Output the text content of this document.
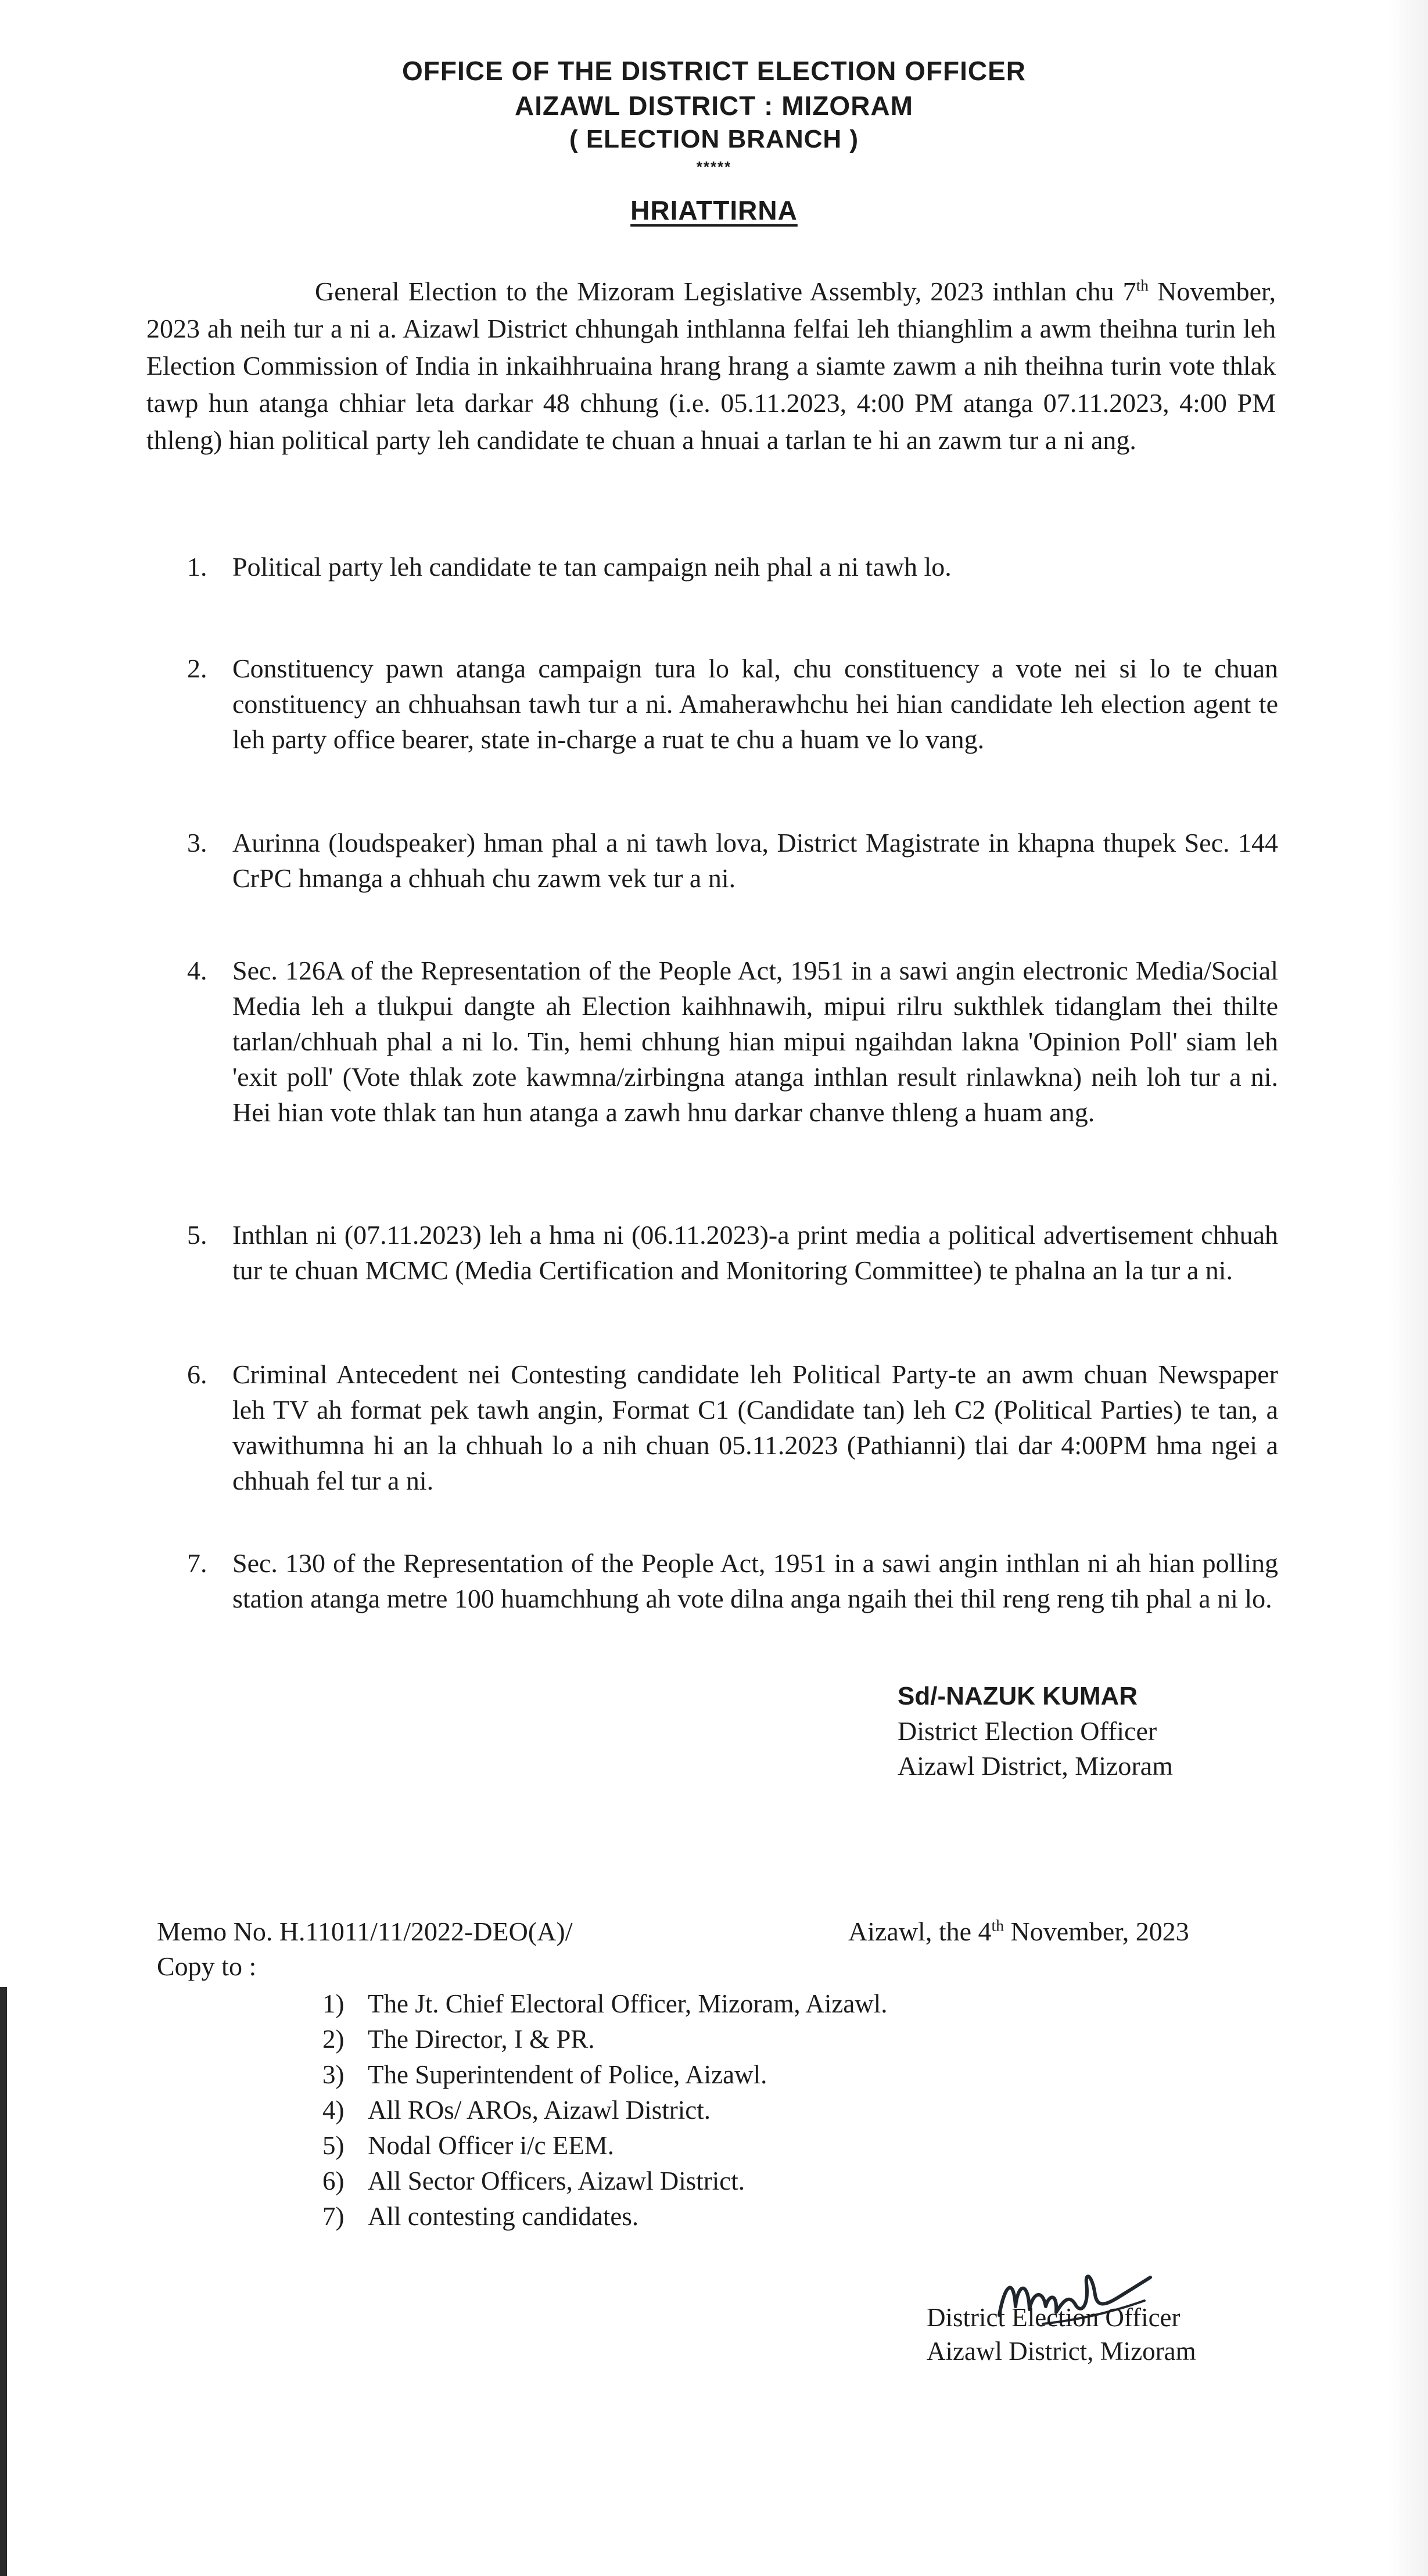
OFFICE OF THE DISTRICT ELECTION OFFICER
AIZAWL DISTRICT : MIZORAM
( ELECTION BRANCH )
*****
HRIATTIRNA

General Election to the Mizoram Legislative Assembly, 2023 inthlan chu 7th November, 2023 ah neih tur a ni a. Aizawl District chhungah inthlanna felfai leh thianghlim a awm theihna turin leh Election Commission of India in inkaihhruaina hrang hrang a siamte zawm a nih theihna turin vote thlak tawp hun atanga chhiar leta darkar 48 chhung (i.e. 05.11.2023, 4:00 PM atanga 07.11.2023, 4:00 PM thleng) hian political party leh candidate te chuan a hnuai a tarlan te hi an zawm tur a ni ang.

1. Political party leh candidate te tan campaign neih phal a ni tawh lo.
2. Constituency pawn atanga campaign tura lo kal, chu constituency a vote nei si lo te chuan constituency an chhuahsan tawh tur a ni. Amaherawhchu hei hian candidate leh election agent te leh party office bearer, state in-charge a ruat te chu a huam ve lo vang.
3. Aurinna (loudspeaker) hman phal a ni tawh lova, District Magistrate in khapna thupek Sec. 144 CrPC hmanga a chhuah chu zawm vek tur a ni.
4. Sec. 126A of the Representation of the People Act, 1951 in a sawi angin electronic Media/Social Media leh a tlukpui dangte ah Election kaihhnawih, mipui rilru sukthlek tidanglam thei thilte tarlan/chhuah phal a ni lo. Tin, hemi chhung hian mipui ngaihdan lakna 'Opinion Poll' siam leh 'exit poll' (Vote thlak zote kawmna/zirbingna atanga inthlan result rinlawkna) neih loh tur a ni. Hei hian vote thlak tan hun atanga a zawh hnu darkar chanve thleng a huam ang.
5. Inthlan ni (07.11.2023) leh a hma ni (06.11.2023)-a print media a political advertisement chhuah tur te chuan MCMC (Media Certification and Monitoring Committee) te phalna an la tur a ni.
6. Criminal Antecedent nei Contesting candidate leh Political Party-te an awm chuan Newspaper leh TV ah format pek tawh angin, Format C1 (Candidate tan) leh C2 (Political Parties) te tan, a vawithumna hi an la chhuah lo a nih chuan 05.11.2023 (Pathianni) tlai dar 4:00PM hma ngei a chhuah fel tur a ni.
7. Sec. 130 of the Representation of the People Act, 1951 in a sawi angin inthlan ni ah hian polling station atanga metre 100 huamchhung ah vote dilna anga ngaih thei thil reng reng tih phal a ni lo.
Sd/-NAZUK KUMAR
District Election Officer
Aizawl District, Mizoram
Memo No. H.11011/11/2022-DEO(A)/	Aizawl, the 4th November, 2023
Copy to :
1) The Jt. Chief Electoral Officer, Mizoram, Aizawl.
2) The Director, I & PR.
3) The Superintendent of Police, Aizawl.
4) All ROs/ AROs, Aizawl District.
5) Nodal Officer i/c EEM.
6) All Sector Officers, Aizawl District.
7) All contesting candidates.
District Election Officer
Aizawl District, Mizoram
